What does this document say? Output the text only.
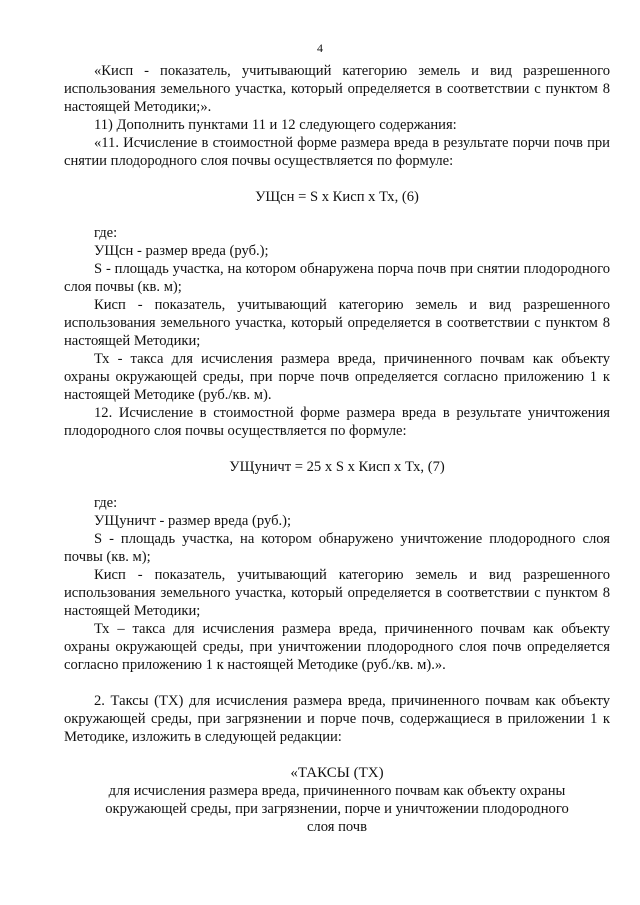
4

«Кисп - показатель, учитывающий категорию земель и вид разрешенного использования земельного участка, который определяется в соответствии с пунктом 8 настоящей Методики;».

11) Дополнить пунктами 11 и 12 следующего содержания:

«11. Исчисление в стоимостной форме размера вреда в результате порчи почв при снятии плодородного слоя почвы осуществляется по формуле:

УЩсн = S x Кисп x Тх, (6)

где:

УЩсн - размер вреда (руб.);

S - площадь участка, на котором обнаружена порча почв при снятии плодородного слоя почвы (кв. м);

Кисп - показатель, учитывающий категорию земель и вид разрешенного использования земельного участка, который определяется в соответствии с пунктом 8 настоящей Методики;

Тх - такса для исчисления размера вреда, причиненного почвам как объекту охраны окружающей среды, при порче почв определяется согласно приложению 1 к настоящей Методике (руб./кв. м).

12. Исчисление в стоимостной форме размера вреда в результате уничтожения плодородного слоя почвы осуществляется по формуле:

УЩуничт = 25 x S x Кисп x Тх, (7)

где:

УЩуничт - размер вреда (руб.);

S - площадь участка, на котором обнаружено уничтожение плодородного слоя почвы (кв. м);

Кисп - показатель, учитывающий категорию земель и вид разрешенного использования земельного участка, который определяется в соответствии с пунктом 8 настоящей Методики;

Тх – такса для исчисления размера вреда, причиненного почвам как объекту охраны окружающей среды, при уничтожении плодородного слоя почв определяется согласно приложению 1 к настоящей Методике (руб./кв. м).».

2. Таксы (ТХ) для исчисления размера вреда, причиненного почвам как объекту окружающей среды, при загрязнении и порче почв, содержащиеся в приложении 1 к Методике, изложить в следующей редакции:

«ТАКСЫ (ТХ)

для исчисления размера вреда, причиненного почвам как объекту охраны

окружающей среды, при загрязнении, порче и уничтожении плодородного

слоя почв
